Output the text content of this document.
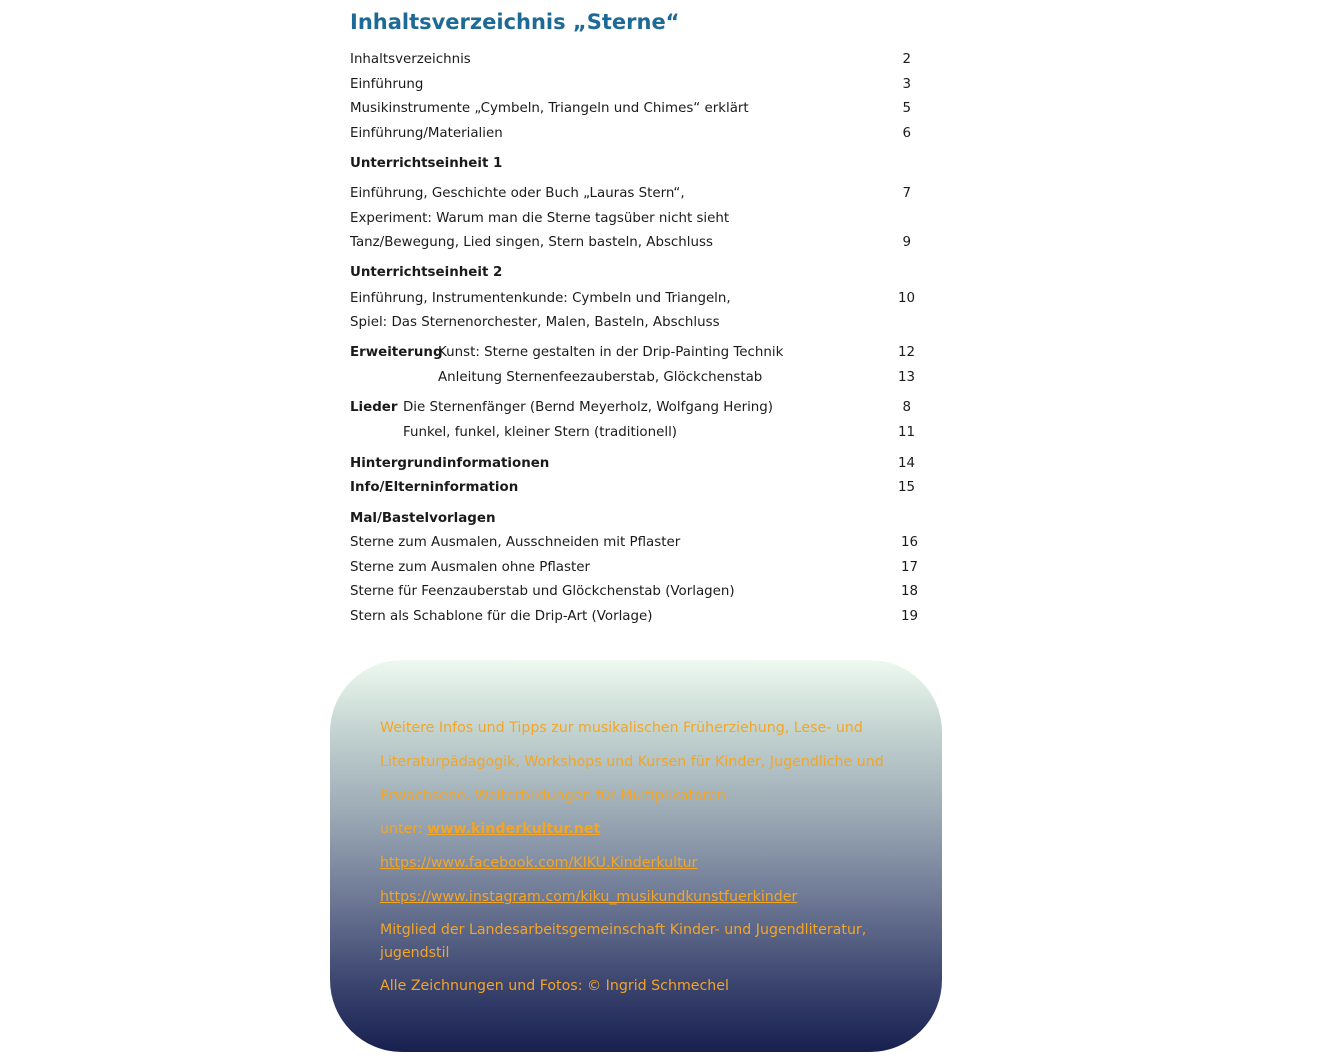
Inhaltsverzeichnis „Sterne“
Inhaltsverzeichnis	2
Einführung	3
Musikinstrumente „Cymbeln, Triangeln und Chimes“ erklärt	5
Einführung/Materialien	6
Unterrichtseinheit 1
Einführung, Geschichte oder Buch „Lauras Stern“,	7
Experiment: Warum man die Sterne tagsüber nicht sieht
Tanz/Bewegung, Lied singen, Stern basteln, Abschluss	9
Unterrichtseinheit 2
Einführung, Instrumentenkunde: Cymbeln und Triangeln,	10
Spiel: Das Sternenorchester, Malen, Basteln, Abschluss
Erweiterung
Kunst: Sterne gestalten in der Drip-Painting Technik	12
Anleitung Sternenfeezauberstab, Glöckchenstab	13
Lieder Die Sternenfänger (Bernd Meyerholz, Wolfgang Hering)	8
Funkel, funkel, kleiner Stern (traditionell)	11
Hintergrundinformationen	14
Info/Elterninformation	15
Mal/Bastelvorlagen
Sterne zum Ausmalen, Ausschneiden mit Pflaster	16
Sterne zum Ausmalen ohne Pflaster	17
Sterne für Feenzauberstab und Glöckchenstab (Vorlagen)	18
Stern als Schablone für die Drip-Art (Vorlage)	19
Weitere Infos und Tipps zur musikalischen Früherziehung, Lese- und
Literaturpädagogik, Workshops und Kursen für Kinder, Jugendliche und
Erwachsene, Weiterbildungen für Multiplikatoren
unter: www.kinderkultur.net
https://www.facebook.com/KIKU.Kinderkultur
https://www.instagram.com/kiku_musikundkunstfuerkinder
Mitglied der Landesarbeitsgemeinschaft Kinder- und Jugendliteratur,
jugendstil
Alle Zeichnungen und Fotos: © Ingrid Schmechel
